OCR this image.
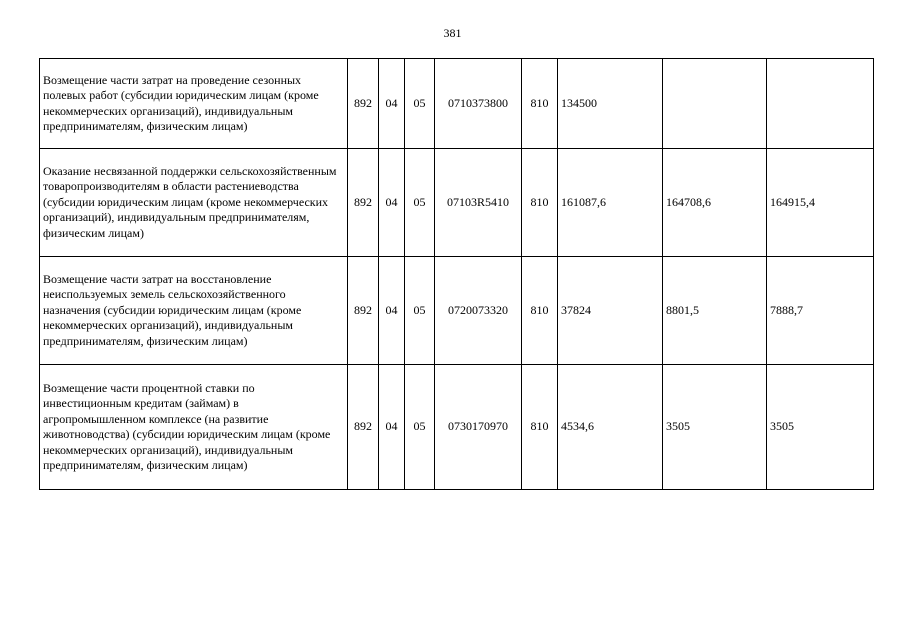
381
Возмещение части затрат на проведение сезонных полевых работ (субсидии юридическим лицам (кроме некоммерческих организаций), индивидуальным предпринимателям, физическим лицам)	892	04	05	0710373800	810	134500		
Оказание несвязанной поддержки сельскохозяйственным товаропроизводителям в области растениеводства (субсидии юридическим лицам (кроме некоммерческих организаций), индивидуальным предпринимателям, физическим лицам)	892	04	05	07103R5410	810	161087,6	164708,6	164915,4
Возмещение части затрат на восстановление неиспользуемых земель сельскохозяйственного назначения (субсидии юридическим лицам (кроме некоммерческих организаций), индивидуальным предпринимателям, физическим лицам)	892	04	05	0720073320	810	37824	8801,5	7888,7
Возмещение части процентной ставки по инвестиционным кредитам (займам) в агропромышленном комплексе (на развитие животноводства) (субсидии юридическим лицам (кроме некоммерческих организаций), индивидуальным предпринимателям, физическим лицам)	892	04	05	0730170970	810	4534,6	3505	3505
